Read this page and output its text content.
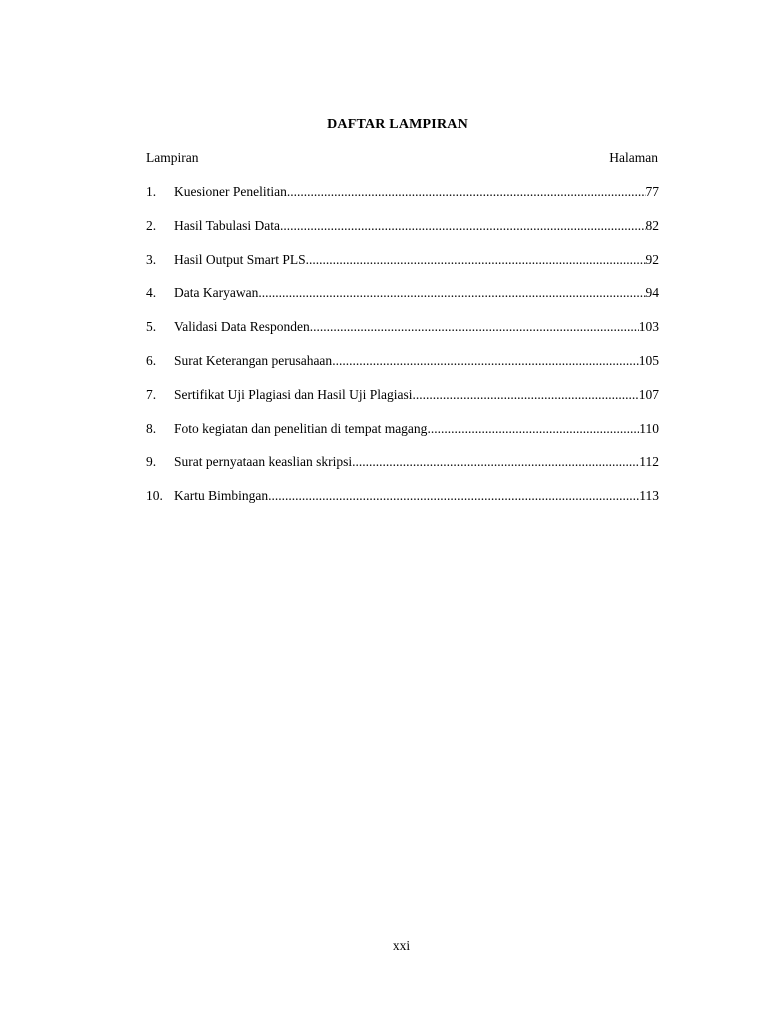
DAFTAR LAMPIRAN
Lampiran	Halaman
1.	Kuesioner Penelitian .....	77
2.	Hasil Tabulasi Data .....	82
3.	Hasil Output Smart PLS .....	92
4.	Data Karyawan .....	94
5.	Validasi Data Responden .....	103
6.	Surat Keterangan perusahaan .....	105
7.	Sertifikat Uji Plagiasi dan Hasil Uji Plagiasi .....	107
8.	Foto kegiatan dan penelitian di tempat magang .....	110
9.	Surat pernyataan keaslian skripsi .....	112
10. Kartu Bimbingan .....	113
xxi
